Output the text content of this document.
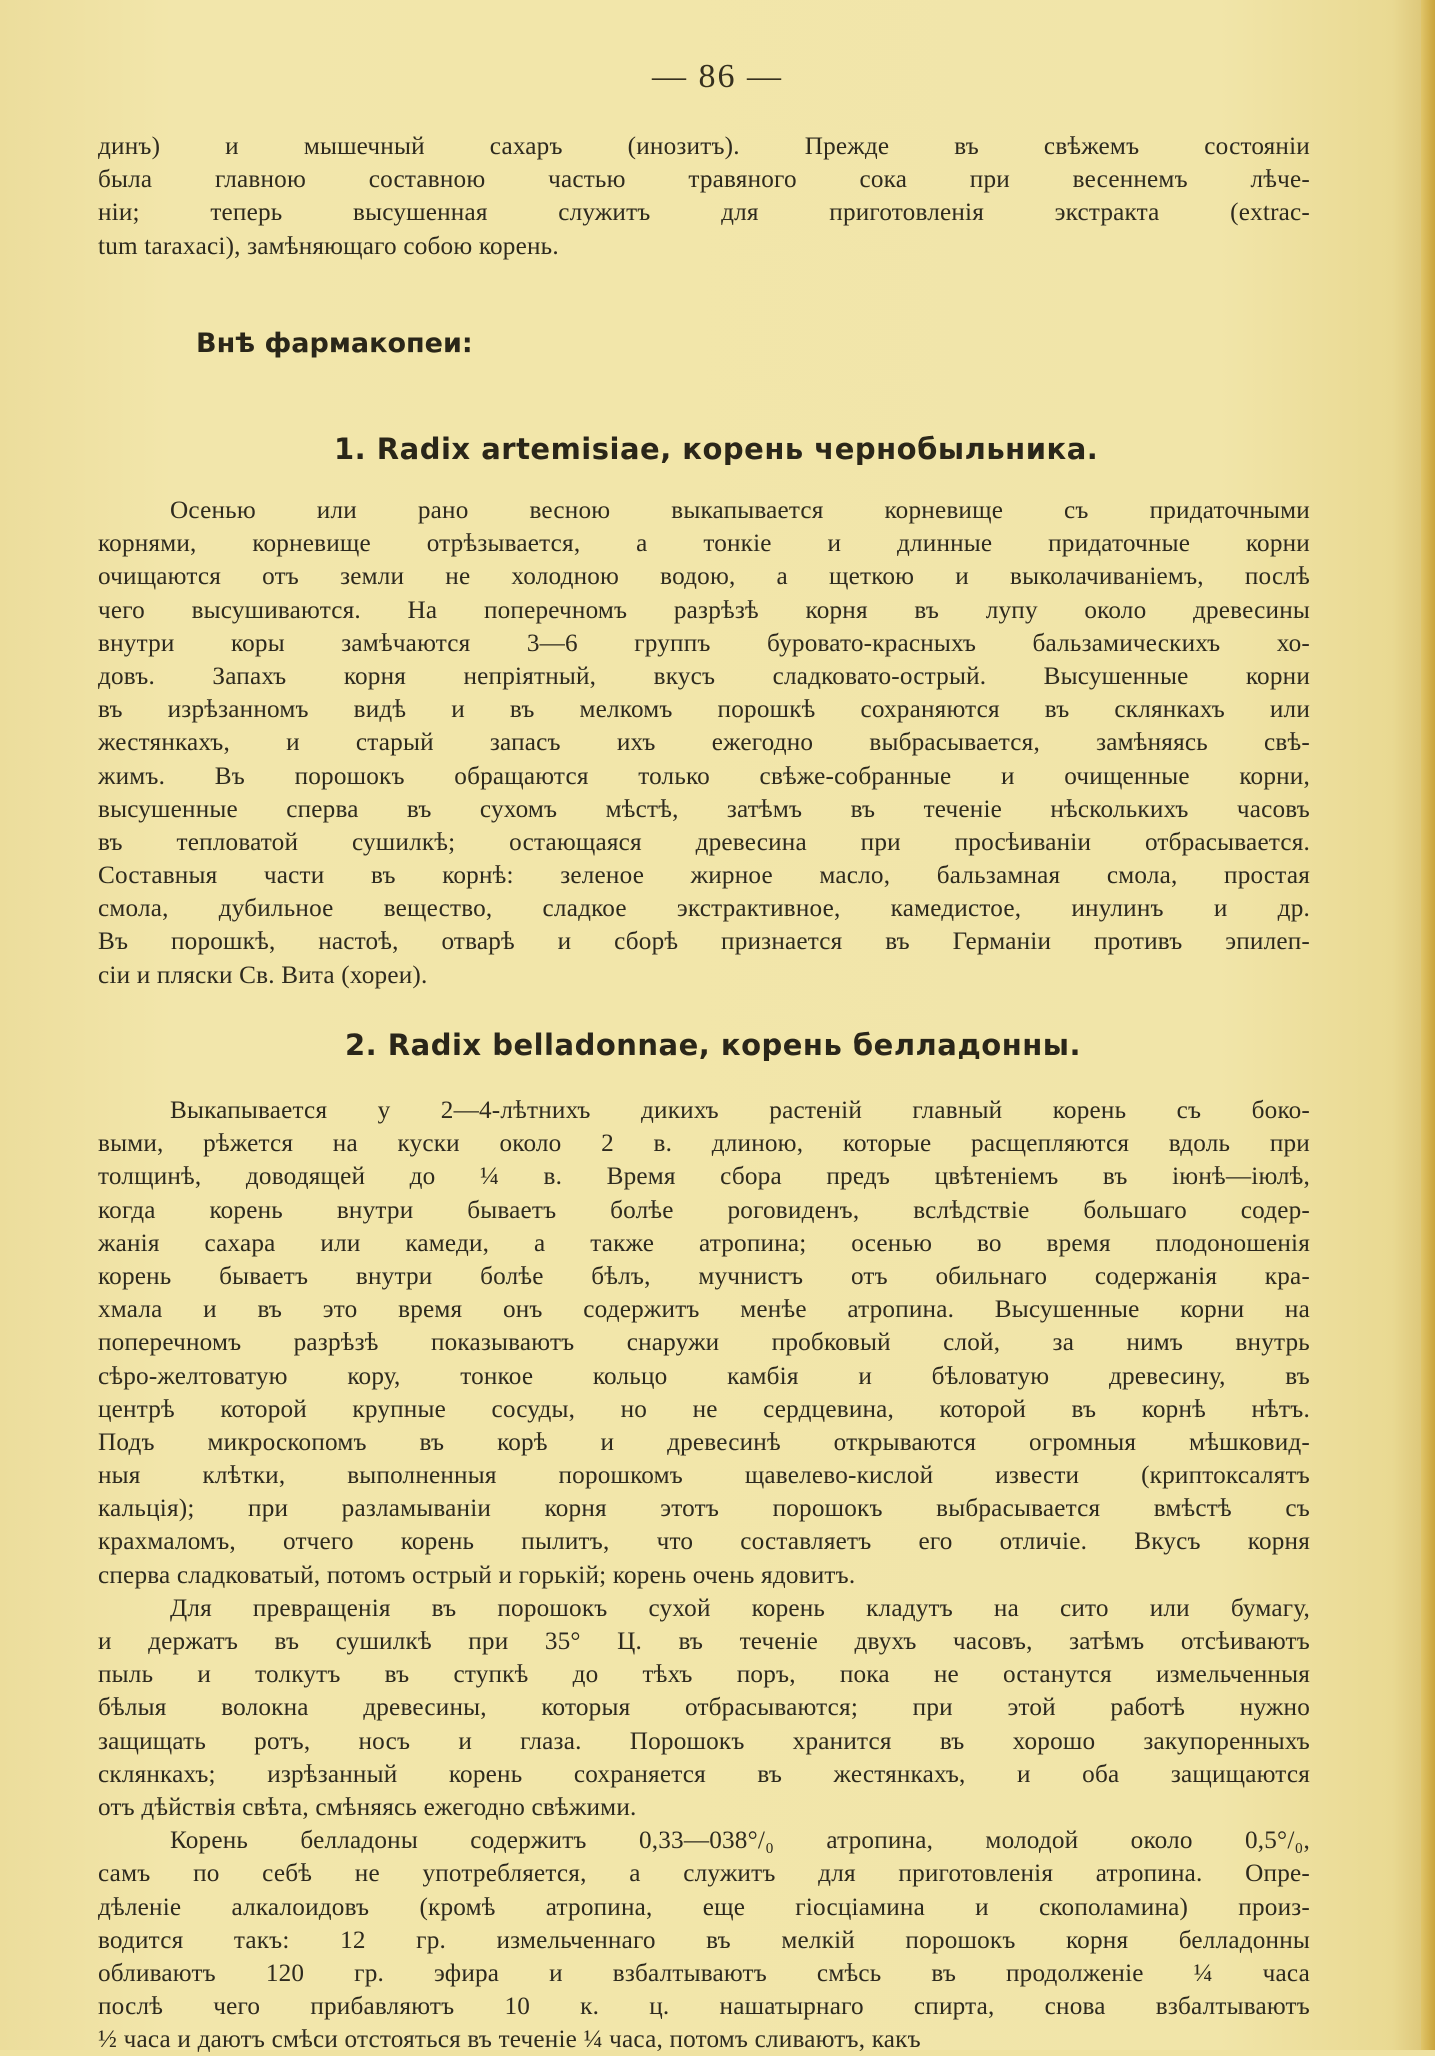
— 86 —
динъ) и мышечный сахаръ (инозитъ). Прежде въ свѣжемъ состоянiи
была главною составною частью травяного сока при весеннемъ лѣче-
нiи; теперь высушенная служитъ для приготовленiя экстракта (extrac-
tum taraxaci), замѣняющаго собою корень.
Внѣ фармакопеи:
1. Radix artemisiae, корень чернобыльника.
Осенью или рано весною выкапывается корневище съ придаточными
корнями, корневище отрѣзывается, а тонкiе и длинные придаточные корни
очищаются отъ земли не холодною водою, а щеткою и выколачиванiемъ, послѣ
чего высушиваются. На поперечномъ разрѣзѣ корня въ лупу около древесины
внутри коры замѣчаются 3—6 группъ буровато-красныхъ бальзамическихъ хо-
довъ. Запахъ корня непрiятный, вкусъ сладковато-острый. Высушенные корни
въ изрѣзанномъ видѣ и въ мелкомъ порошкѣ сохраняются въ склянкахъ или
жестянкахъ, и старый запасъ ихъ ежегодно выбрасывается, замѣняясь свѣ-
жимъ. Въ порошокъ обращаются только свѣже-собранные и очищенные корни,
высушенные сперва въ сухомъ мѣстѣ, затѣмъ въ теченiе нѣсколькихъ часовъ
въ тепловатой сушилкѣ; остающаяся древесина при просѣиванiи отбрасывается.
Составныя части въ корнѣ: зеленое жирное масло, бальзамная смола, простая
смола, дубильное вещество, сладкое экстрактивное, камедистое, инулинъ и др.
Въ порошкѣ, настоѣ, отварѣ и сборѣ признается въ Германiи противъ эпилеп-
сiи и пляски Св. Вита (хореи).
2. Radix belladonnae, корень белладонны.
Выкапывается у 2—4-лѣтнихъ дикихъ растенiй главный корень съ боко-
выми, рѣжется на куски около 2 в. длиною, которые расщепляются вдоль при
толщинѣ, доводящей до ¼ в. Время сбора предъ цвѣтенiемъ въ iюнѣ—iюлѣ,
когда корень внутри бываетъ болѣе роговиденъ, вслѣдствiе большаго содер-
жанiя сахара или камеди, а также атропина; осенью во время плодоношенiя
корень бываетъ внутри болѣе бѣлъ, мучнистъ отъ обильнаго содержанiя кра-
хмала и въ это время онъ содержитъ менѣе атропина. Высушенные корни на
поперечномъ разрѣзѣ показываютъ снаружи пробковый слой, за нимъ внутрь
сѣро-желтоватую кору, тонкое кольцо камбiя и бѣловатую древесину, въ
центрѣ которой крупные сосуды, но не сердцевина, которой въ корнѣ нѣтъ.
Подъ микроскопомъ въ корѣ и древесинѣ открываются огромныя мѣшковид-
ныя клѣтки, выполненныя порошкомъ щавелево-кислой извести (криптоксалятъ
кальцiя); при разламыванiи корня этотъ порошокъ выбрасывается вмѣстѣ съ
крахмаломъ, отчего корень пылитъ, что составляетъ его отличiе. Вкусъ корня
сперва сладковатый, потомъ острый и горькiй; корень очень ядовитъ.
Для превращенiя въ порошокъ сухой корень кладутъ на сито или бумагу,
и держатъ въ сушилкѣ при 35° Ц. въ теченiе двухъ часовъ, затѣмъ отсѣиваютъ
пыль и толкутъ въ ступкѣ до тѣхъ поръ, пока не останутся измельченныя
бѣлыя волокна древесины, которыя отбрасываются; при этой работѣ нужно
защищать ротъ, носъ и глаза. Порошокъ хранится въ хорошо закупоренныхъ
склянкахъ; изрѣзанный корень сохраняется въ жестянкахъ, и оба защищаются
отъ дѣйствiя свѣта, смѣняясь ежегодно свѣжими.
Корень белладоны содержитъ 0,33—038°/₀ атропина, молодой около 0,5°/₀,
самъ по себѣ не употребляется, а служитъ для приготовленiя атропина. Опре-
дѣленiе алкалоидовъ (кромѣ атропина, еще гiосцiамина и скополамина) произ-
водится такъ: 12 гр. измельченнаго въ мелкiй порошокъ корня белладонны
обливаютъ 120 гр. эфира и взбалтываютъ смѣсь въ продолженiе ¼ часа
послѣ чего прибавляютъ 10 к. ц. нашатырнаго спирта, снова взбалтываютъ
½ часа и даютъ смѣси отстояться въ теченiе ¼ часа, потомъ сливаютъ, какъ
